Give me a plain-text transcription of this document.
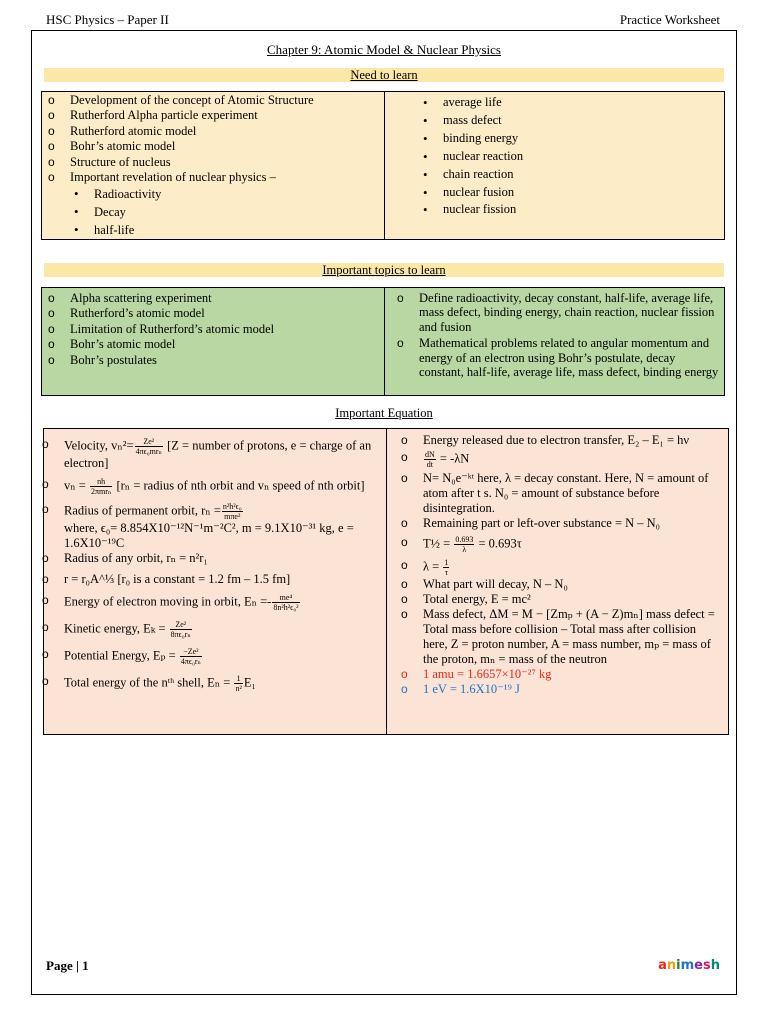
HSC Physics – Paper II	Practice Worksheet
Chapter 9: Atomic Model & Nuclear Physics
Need to learn
o Development of the concept of Atomic Structure
o Rutherford Alpha particle experiment
o Rutherford atomic model
o Bohr’s atomic model
o Structure of nucleus
o Important revelation of nuclear physics –
• Radioactivity
• Decay
• half-life
• average life
• mass defect
• binding energy
• nuclear reaction
• chain reaction
• nuclear fusion
• nuclear fission
Important topics to learn
o Alpha scattering experiment
o Rutherford’s atomic model
o Limitation of Rutherford’s atomic model
o Bohr’s atomic model
o Bohr’s postulates
o Define radioactivity, decay constant, half-life, average life, mass defect, binding energy, chain reaction, nuclear fission and fusion
o Mathematical problems related to angular momentum and energy of an electron using Bohr’s postulate, decay constant, half-life, average life, mass defect, binding energy
Important Equation
o Velocity, vₙ²=	Ze²
4πϵ₀mrₙ [Z = number of protons, e = charge of an electron]
o vₙ =	nh
2πmrₙ [rₙ = radius of nth orbit and vₙ speed of nth orbit]
o Radius of permanent orbit, rₙ = n²h²ϵ₀
mπe²

where, ϵ₀= 8.854X10⁻¹²N⁻¹m⁻²C², m = 9.1X10⁻³¹ kg, e = 1.6X10⁻¹⁹C
o Radius of any orbit, rₙ = n²r₁
o r = r₀A^⅓ [r₀ is a constant = 1.2 fm – 1.5 fm]
o Energy of electron moving in orbit, $E_n =- \frac{\text{me⁴}}{\text{8n²h²ϵ₀²}}$
o Kinetic energy, $E_k = \frac{\text{Ze²}}{\text{8πϵ₀rₙ}}$
o Potential Energy, $E_p = \frac{\text{−Ze²}}{\text{4πϵ₀rₙ}}$
o Total energy of the nᵗʰ shell, $E_n = \frac{1}{\text{n²}} E_1$
o Energy released due to electron transfer, E₂ – E₁ = hν
o $\frac{dN}{dt} = -\lambda N$
o N= N₀e⁻ᵏᵗ here, λ = decay constant. Here, N = amount of atom after t s. N₀ = amount of substance before disintegration.
o Remaining part or left-over substance = N – N₀
o T½ = $\frac{0.693}{\lambda} = 0.693\tau$
o $\lambda = \frac{1}{\tau}$
o What part will decay, N – N₀
o Total energy, E = mc²
o Mass defect, ΔM = M − [Zmₚ + (A − Z)mₙ] mass defect = Total mass before collision – Total mass after collision here, Z = proton number, A = mass number, mₚ = mass of the proton, mₙ = mass of the neutron
o 1 amu = 1.6657×10⁻²⁷ kg
o 1 eV = 1.6X10⁻¹⁹ J
Page | 1	animesh
